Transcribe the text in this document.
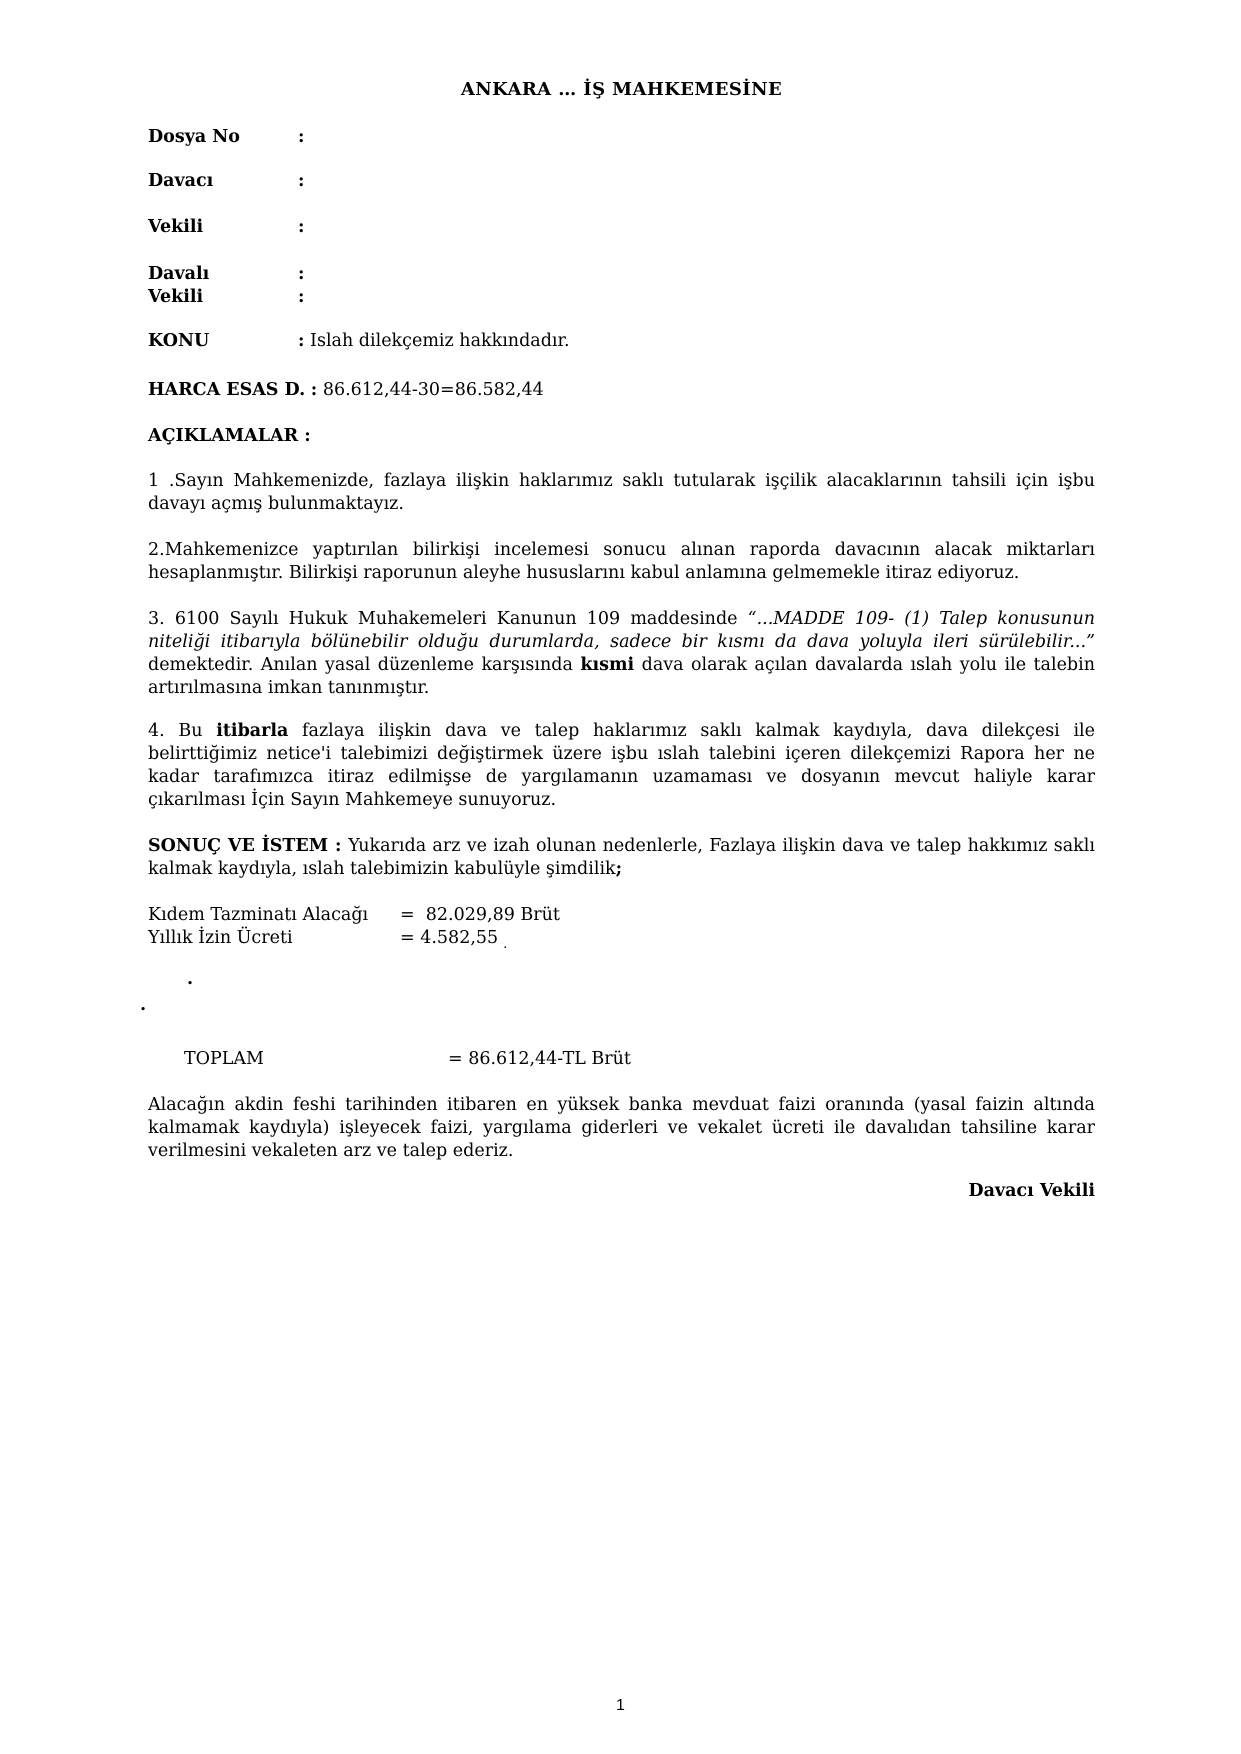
ANKARA … İŞ MAHKEMESİNE
Dosya No	:
Davacı	:
Vekili	:
Davalı	:
Vekili	:
KONU	: Islah dilekçemiz hakkındadır.
HARCA ESAS D. : 86.612,44-30=86.582,44
AÇIKLAMALAR :
1 .Sayın Mahkemenizde, fazlaya ilişkin haklarımız saklı tutularak işçilik alacaklarının tahsili için işbu davayı açmış bulunmaktayız.
2.Mahkemenizce yaptırılan bilirkişi incelemesi sonucu alınan raporda davacının alacak miktarları hesaplanmıştır. Bilirkişi raporunun aleyhe hususlarını kabul anlamına gelmemekle itiraz ediyoruz.
3. 6100 Sayılı Hukuk Muhakemeleri Kanunun 109 maddesinde “...MADDE 109- (1) Talep konusunun niteliği itibarıyla bölünebilir olduğu durumlarda, sadece bir kısmı da dava yoluyla ileri sürülebilir...” demektedir. Anılan yasal düzenleme karşısında kısmi dava olarak açılan davalarda ıslah yolu ile talebin artırılmasına imkan tanınmıştır.
4. Bu itibarla fazlaya ilişkin dava ve talep haklarımız saklı kalmak kaydıyla, dava dilekçesi ile belirttiğimiz netice'i talebimizi değiştirmek üzere işbu ıslah talebini içeren dilekçemizi Rapora her ne kadar tarafımızca itiraz edilmişse de yargılamanın uzamaması ve dosyanın mevcut haliyle karar çıkarılması İçin Sayın Mahkemeye sunuyoruz.
SONUÇ VE İSTEM : Yukarıda arz ve izah olunan nedenlerle, Fazlaya ilişkin dava ve talep hakkımız saklı kalmak kaydıyla, ıslah talebimizin kabulüyle şimdilik;
Kıdem Tazminatı Alacağı =  82.029,89 Brüt
Yıllık İzin Ücreti	= 4.582,55 $_.$
.
.
TOPLAM	= 86.612,44-TL Brüt
Alacağın akdin feshi tarihinden itibaren en yüksek banka mevduat faizi oranında (yasal faizin altında kalmamak kaydıyla) işleyecek faizi, yargılama giderleri ve vekalet ücreti ile davalıdan tahsiline karar verilmesini vekaleten arz ve talep ederiz.
Davacı Vekili
1
